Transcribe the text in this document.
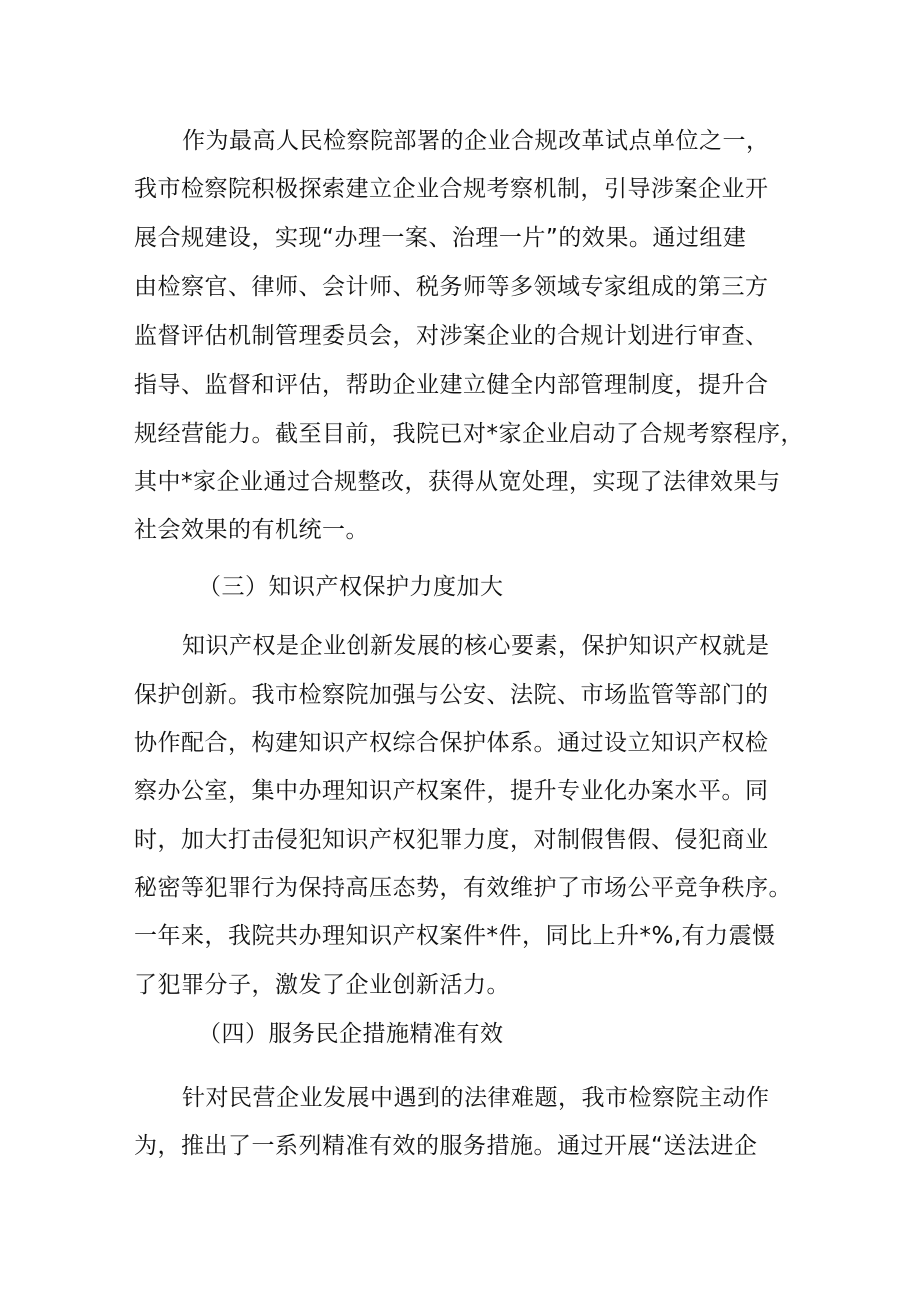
作为最高人民检察院部署的企业合规改革试点单位之一，
我市检察院积极探索建立企业合规考察机制，引导涉案企业开
展合规建设，实现“办理一案、治理一片”的效果。通过组建
由检察官、律师、会计师、税务师等多领域专家组成的第三方
监督评估机制管理委员会，对涉案企业的合规计划进行审查、
指导、监督和评估，帮助企业建立健全内部管理制度，提升合
规经营能力。截至目前，我院已对*家企业启动了合规考察程序，
其中*家企业通过合规整改，获得从宽处理，实现了法律效果与
社会效果的有机统一。
（三）知识产权保护力度加大
知识产权是企业创新发展的核心要素，保护知识产权就是
保护创新。我市检察院加强与公安、法院、市场监管等部门的
协作配合，构建知识产权综合保护体系。通过设立知识产权检
察办公室，集中办理知识产权案件，提升专业化办案水平。同
时，加大打击侵犯知识产权犯罪力度，对制假售假、侵犯商业
秘密等犯罪行为保持高压态势，有效维护了市场公平竞争秩序。
一年来，我院共办理知识产权案件*件，同比上升*%,有力震慑
了犯罪分子，激发了企业创新活力。
（四）服务民企措施精准有效
针对民营企业发展中遇到的法律难题，我市检察院主动作
为，推出了一系列精准有效的服务措施。通过开展“送法进企
